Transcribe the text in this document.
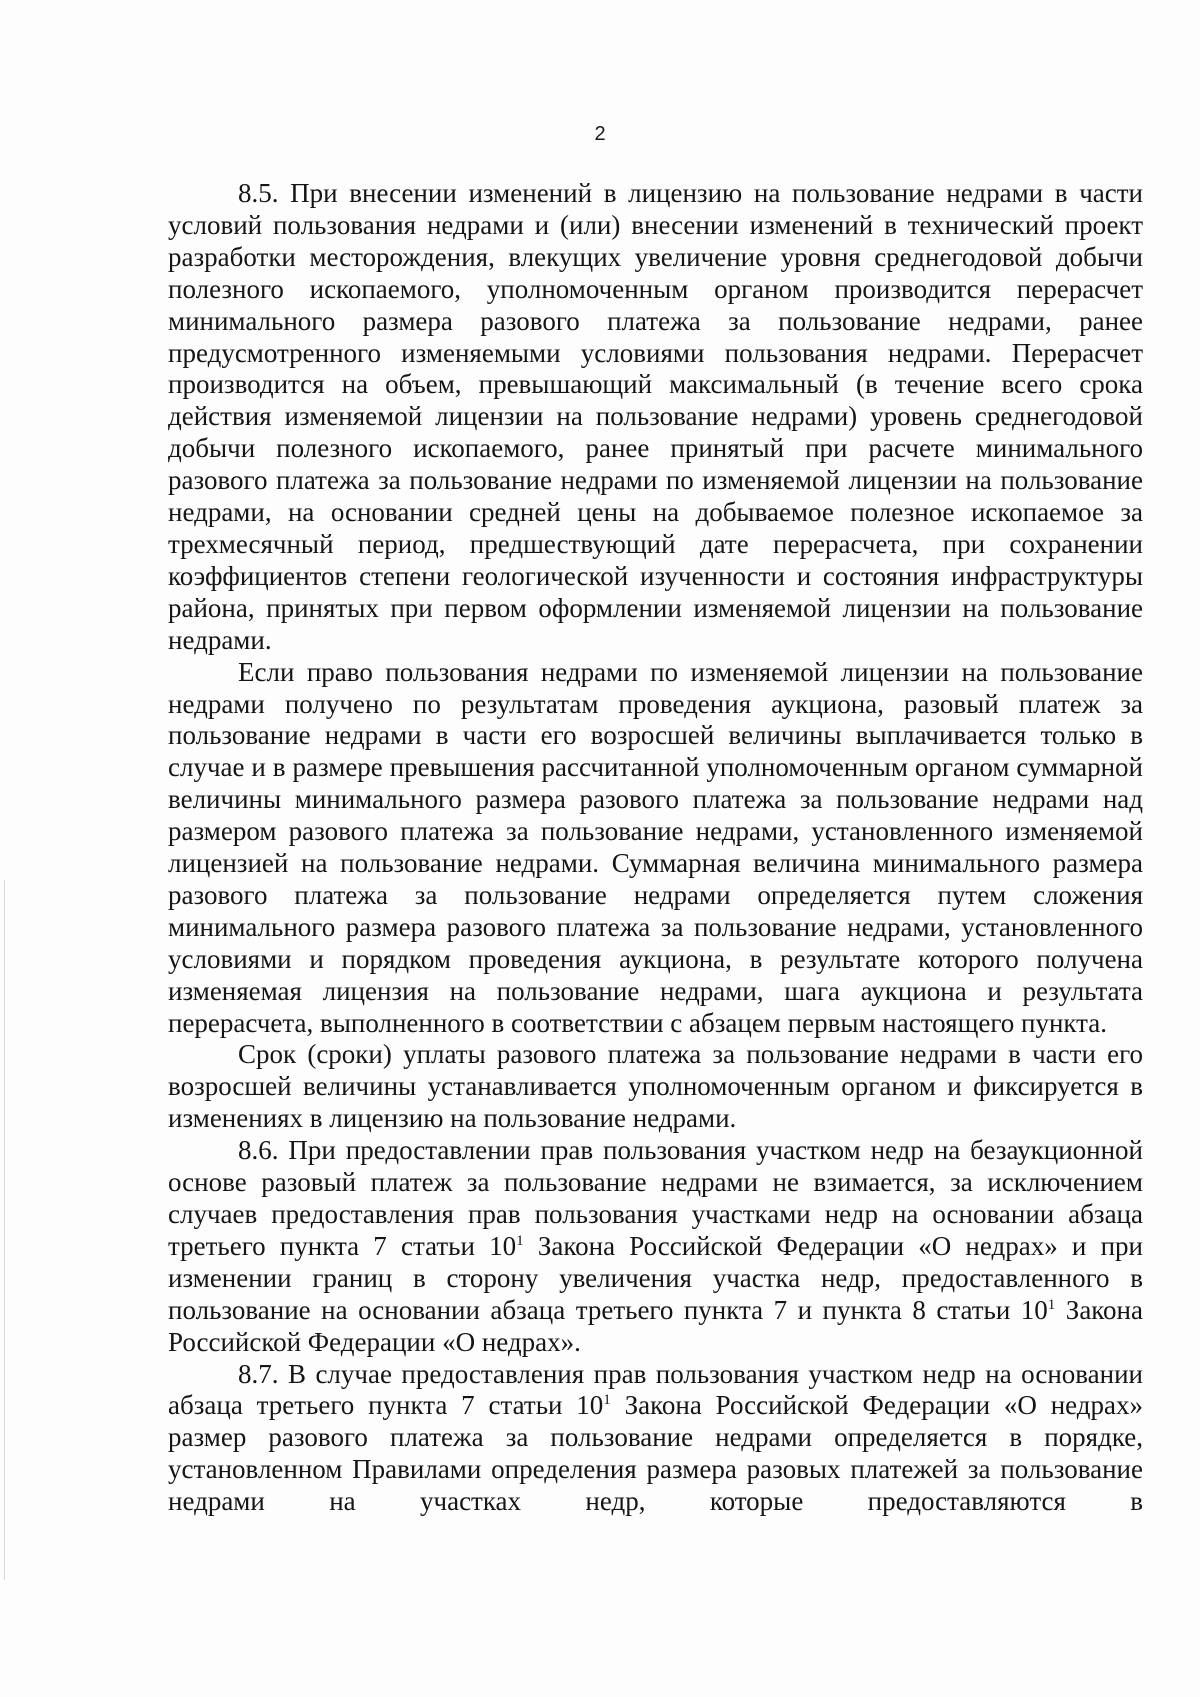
2

8.5. При внесении изменений в лицензию на пользование недрами в части условий пользования недрами и (или) внесении изменений в технический проект разработки месторождения, влекущих увеличение уровня среднегодовой добычи полезного ископаемого, уполномоченным органом производится перерасчет минимального размера разового платежа за пользование недрами, ранее предусмотренного изменяемыми условиями пользования недрами. Перерасчет производится на объем, превышающий максимальный (в течение всего срока действия изменяемой лицензии на пользование недрами) уровень среднегодовой добычи полезного ископаемого, ранее принятый при расчете минимального разового платежа за пользование недрами по изменяемой лицензии на пользование недрами, на основании средней цены на добываемое полезное ископаемое за трехмесячный период, предшествующий дате перерасчета, при сохранении коэффициентов степени геологической изученности и состояния инфраструктуры района, принятых при первом оформлении изменяемой лицензии на пользование недрами.

Если право пользования недрами по изменяемой лицензии на пользование недрами получено по результатам проведения аукциона, разовый платеж за пользование недрами в части его возросшей величины выплачивается только в случае и в размере превышения рассчитанной уполномоченным органом суммарной величины минимального размера разового платежа за пользование недрами над размером разового платежа за пользование недрами, установленного изменяемой лицензией на пользование недрами. Суммарная величина минимального размера разового платежа за пользование недрами определяется путем сложения минимального размера разового платежа за пользование недрами, установленного условиями и порядком проведения аукциона, в результате которого получена изменяемая лицензия на пользование недрами, шага аукциона и результата перерасчета, выполненного в соответствии с абзацем первым настоящего пункта.

Срок (сроки) уплаты разового платежа за пользование недрами в части его возросшей величины устанавливается уполномоченным органом и фиксируется в изменениях в лицензию на пользование недрами.

8.6. При предоставлении прав пользования участком недр на безаукционной основе разовый платеж за пользование недрами не взимается, за исключением случаев предоставления прав пользования участками недр на основании абзаца третьего пункта 7 статьи $10^1$ Закона Российской Федерации «О недрах» и при изменении границ в сторону увеличения участка недр, предоставленного в пользование на основании абзаца третьего пункта 7 и пункта 8 статьи $10^1$ Закона Российской Федерации «О недрах».

8.7. В случае предоставления прав пользования участком недр на основании абзаца третьего пункта 7 статьи $10^1$ Закона Российской Федерации «О недрах» размер разового платежа за пользование недрами определяется в порядке, установленном Правилами определения размера разовых платежей за пользование недрами на участках недр, которые предоставляются в
